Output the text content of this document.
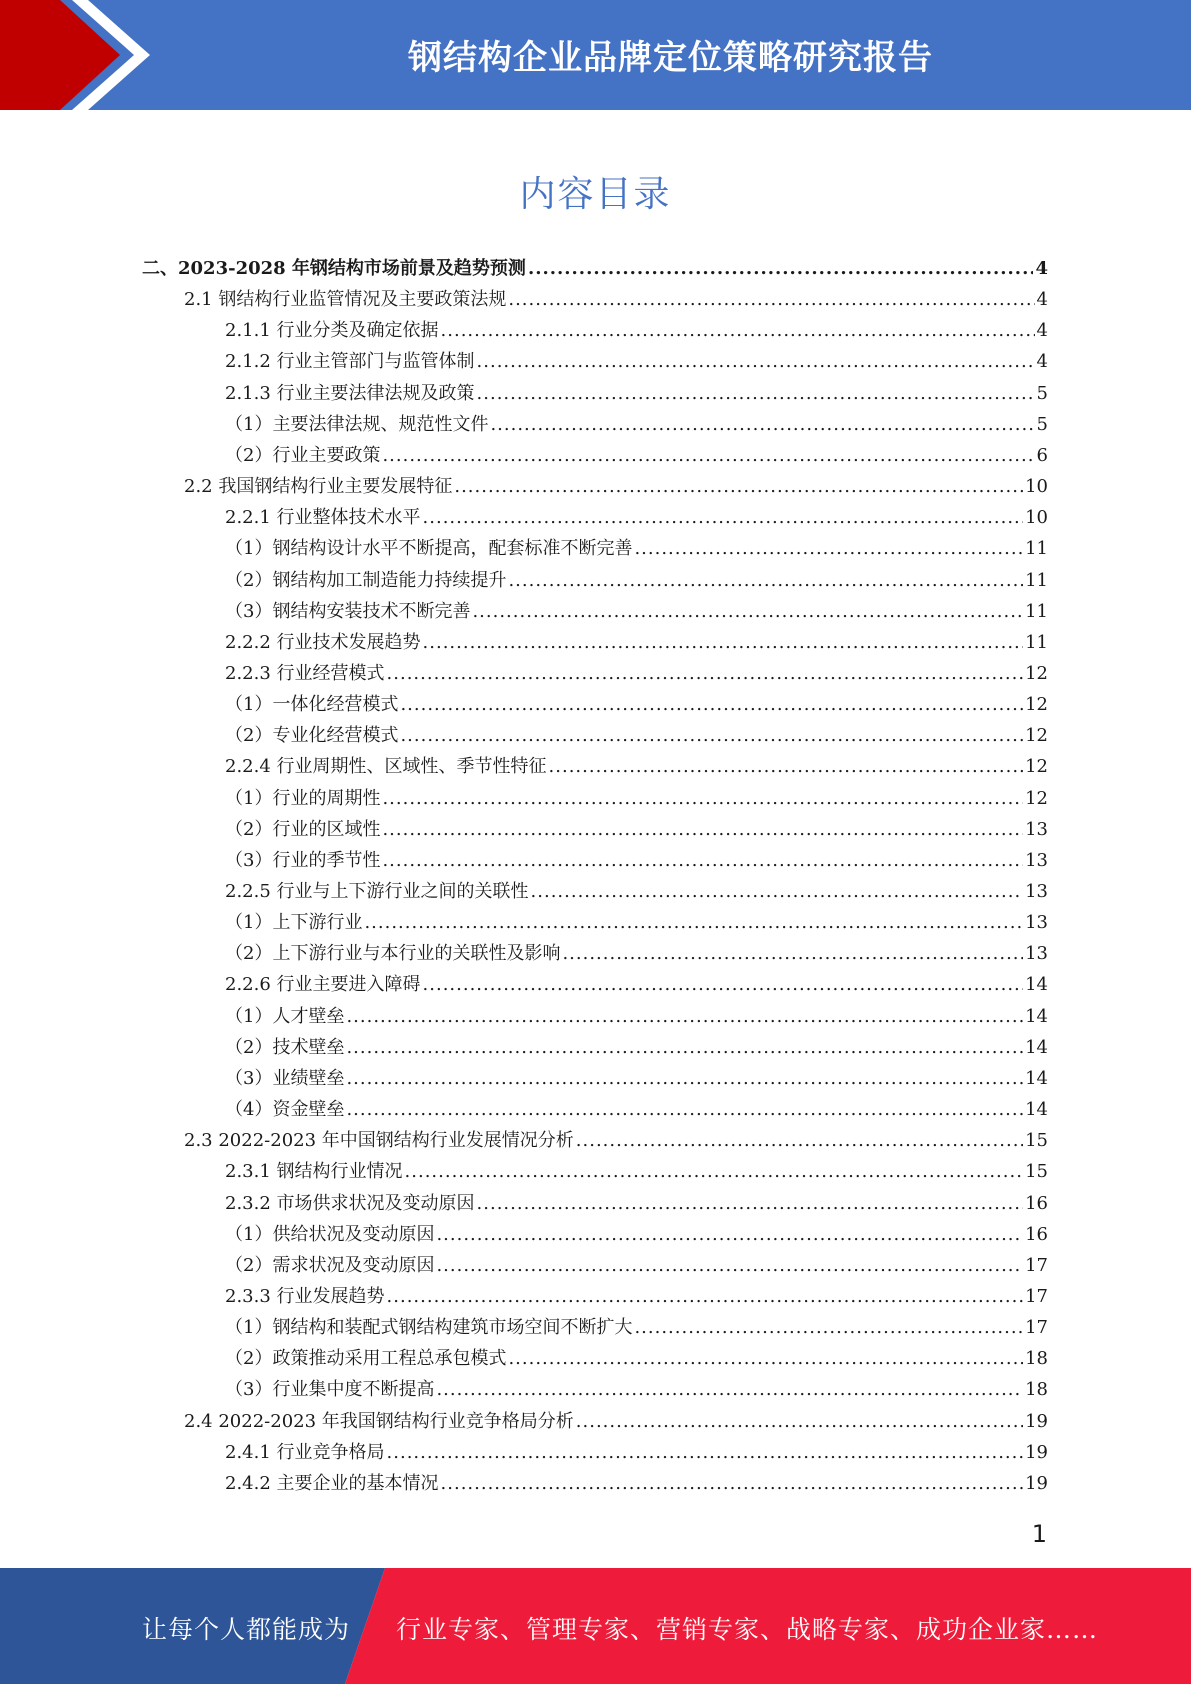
钢结构企业品牌定位策略研究报告
内容目录
二、2023-2028 年钢结构市场前景及趋势预测 .....	4
2.1 钢结构行业监管情况及主要政策法规 .....	4
2.1.1 行业分类及确定依据 .....	4
2.1.2 行业主管部门与监管体制 .....	4
2.1.3 行业主要法律法规及政策 .....	5
（1）主要法律法规、规范性文件 .....	5
（2）行业主要政策 .....	6
2.2 我国钢结构行业主要发展特征 .....	10
2.2.1 行业整体技术水平 .....	10
（1）钢结构设计水平不断提高，配套标准不断完善 .....	11
（2）钢结构加工制造能力持续提升 .....	11
（3）钢结构安装技术不断完善 .....	11
2.2.2 行业技术发展趋势 .....	11
2.2.3 行业经营模式 .....	12
（1）一体化经营模式 .....	12
（2）专业化经营模式 .....	12
2.2.4 行业周期性、区域性、季节性特征 .....	12
（1）行业的周期性 .....	12
（2）行业的区域性 .....	13
（3）行业的季节性 .....	13
2.2.5 行业与上下游行业之间的关联性 .....	13
（1）上下游行业 .....	13
（2）上下游行业与本行业的关联性及影响 .....	13
2.2.6 行业主要进入障碍 .....	14
（1）人才壁垒 .....	14
（2）技术壁垒 .....	14
（3）业绩壁垒 .....	14
（4）资金壁垒 .....	14
2.3 2022-2023 年中国钢结构行业发展情况分析 .....	15
2.3.1 钢结构行业情况 .....	15
2.3.2 市场供求状况及变动原因 .....	16
（1）供给状况及变动原因 .....	16
（2）需求状况及变动原因 .....	17
2.3.3 行业发展趋势 .....	17
（1）钢结构和装配式钢结构建筑市场空间不断扩大 .....	17
（2）政策推动采用工程总承包模式 .....	18
（3）行业集中度不断提高 .....	18
2.4 2022-2023 年我国钢结构行业竞争格局分析 .....	19
2.4.1 行业竞争格局 .....	19
2.4.2 主要企业的基本情况 .....	19
1
让每个人都能成为 行业专家、管理专家、营销专家、战略专家、成功企业家……
